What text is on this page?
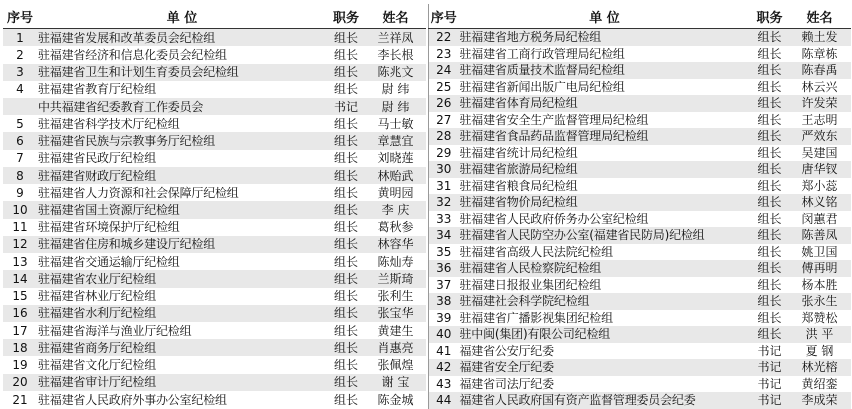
序号	单 位	职务	姓名
1	驻福建省发展和改革委员会纪检组	组长	兰祥凤
2	驻福建省经济和信息化委员会纪检组	组长	李长根
3	驻福建省卫生和计划生育委员会纪检组	组长	陈兆文
4	驻福建省教育厅纪检组	组长	尉 纬
	中共福建省纪委教育工作委员会	书记	尉 纬
5	驻福建省科学技术厅纪检组	组长	马士敏
6	驻福建省民族与宗教事务厅纪检组	组长	章慧宜
7	驻福建省民政厅纪检组	组长	刘晓莲
8	驻福建省财政厅纪检组	组长	林贻武
9	驻福建省人力资源和社会保障厅纪检组	组长	黄明园
10	驻福建省国土资源厅纪检组	组长	李 庆
11	驻福建省环境保护厅纪检组	组长	葛秋参
12	驻福建省住房和城乡建设厅纪检组	组长	林容华
13	驻福建省交通运输厅纪检组	组长	陈灿寿
14	驻福建省农业厅纪检组	组长	兰斯琦
15	驻福建省林业厅纪检组	组长	张利生
16	驻福建省水利厅纪检组	组长	张宝华
17	驻福建省海洋与渔业厅纪检组	组长	黄建生
18	驻福建省商务厅纪检组	组长	肖惠亮
19	驻福建省文化厅纪检组	组长	张佩煌
20	驻福建省审计厅纪检组	组长	谢 宝
21	驻福建省人民政府外事办公室纪检组	组长	陈金城
序号	单 位	职务	姓名
22	驻福建省地方税务局纪检组	组长	赖土发
23	驻福建省工商行政管理局纪检组	组长	陈章栋
24	驻福建省质量技术监督局纪检组	组长	陈春禹
25	驻福建省新闻出版广电局纪检组	组长	林云兴
26	驻福建省体育局纪检组	组长	许发荣
27	驻福建省安全生产监督管理局纪检组	组长	王志明
28	驻福建省食品药品监督管理局纪检组	组长	严效东
29	驻福建省统计局纪检组	组长	吴建国
30	驻福建省旅游局纪检组	组长	唐华钗
31	驻福建省粮食局纪检组	组长	郑小蕊
32	驻福建省物价局纪检组	组长	林义铭
33	驻福建省人民政府侨务办公室纪检组	组长	闵蕙君
34	驻福建省人民防空办公室(福建省民防局)纪检组	组长	陈善凤
35	驻福建省高级人民法院纪检组	组长	姚卫国
36	驻福建省人民检察院纪检组	组长	傅再明
37	驻福建日报报业集团纪检组	组长	杨本胜
38	驻福建社会科学院纪检组	组长	张永生
39	驻福建省广播影视集团纪检组	组长	郑赞松
40	驻中闽(集团)有限公司纪检组	组长	洪 平
41	福建省公安厅纪委	书记	夏 钢
42	福建省安全厅纪委	书记	林光榕
43	福建省司法厅纪委	书记	黄绍銮
44	福建省人民政府国有资产监督管理委员会纪委	书记	李成荣
